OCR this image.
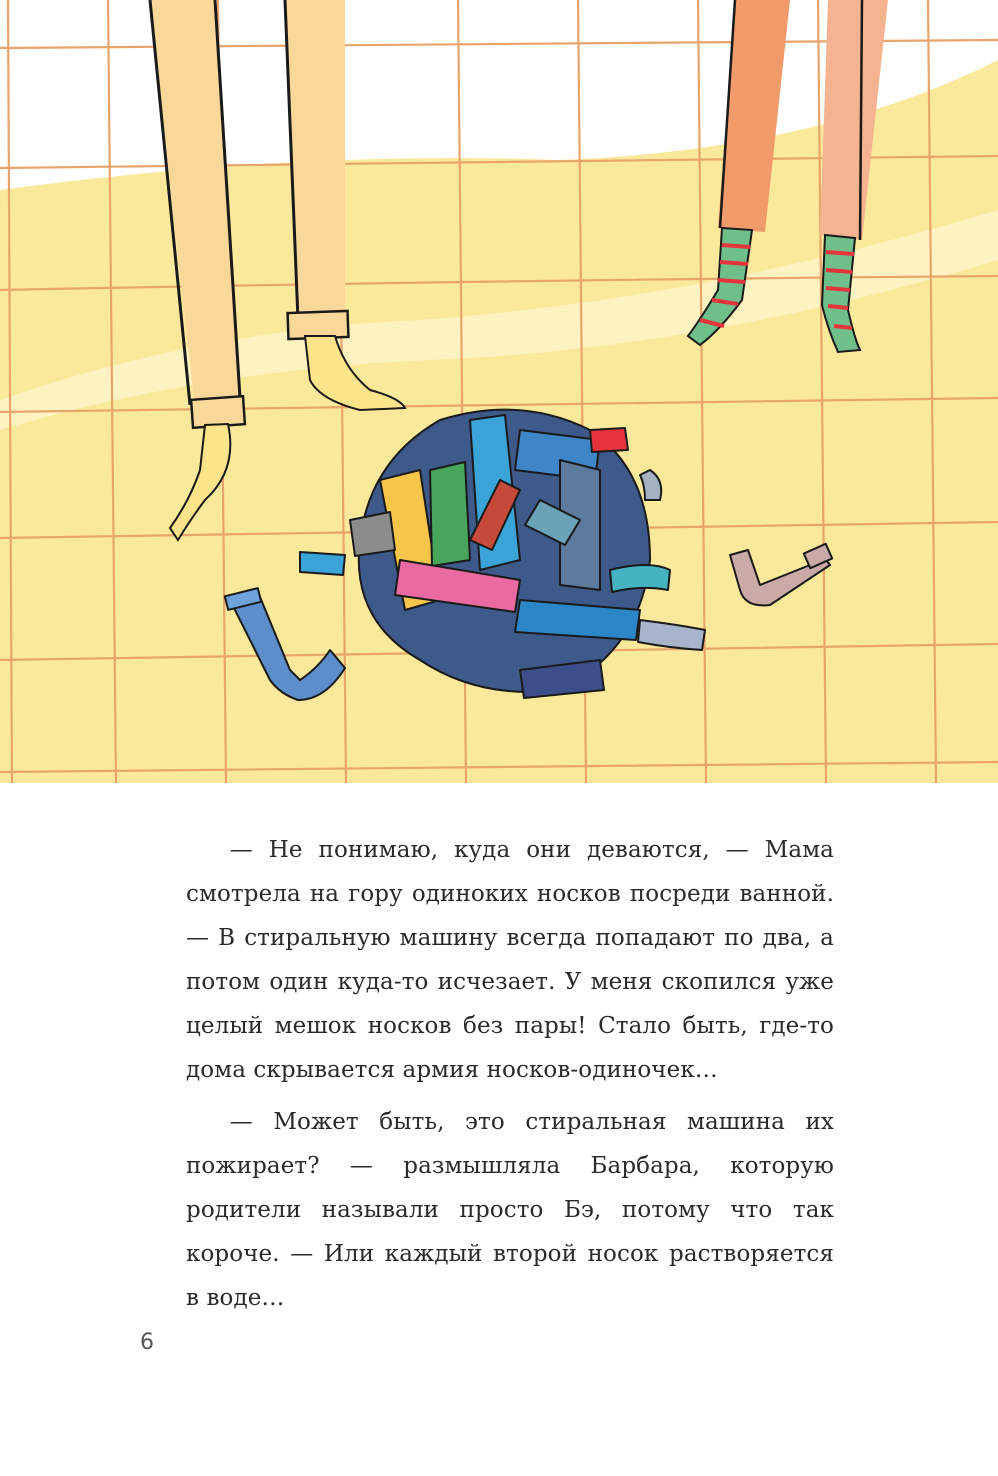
— Не понимаю, куда они деваются, — Мама смотрела на гору одиноких носков посреди ванной. — В стиральную машину всегда попадают по два, а потом один куда-то исчезает. У меня скопился уже целый мешок носков без пары! Стало быть, где-то дома скрывается армия носков-одиночек…

— Может быть, это стиральная машина их пожирает? — размышляла Барбара, которую родители называли просто Бэ, потому что так короче. — Или каждый второй носок растворяется в воде…

6
